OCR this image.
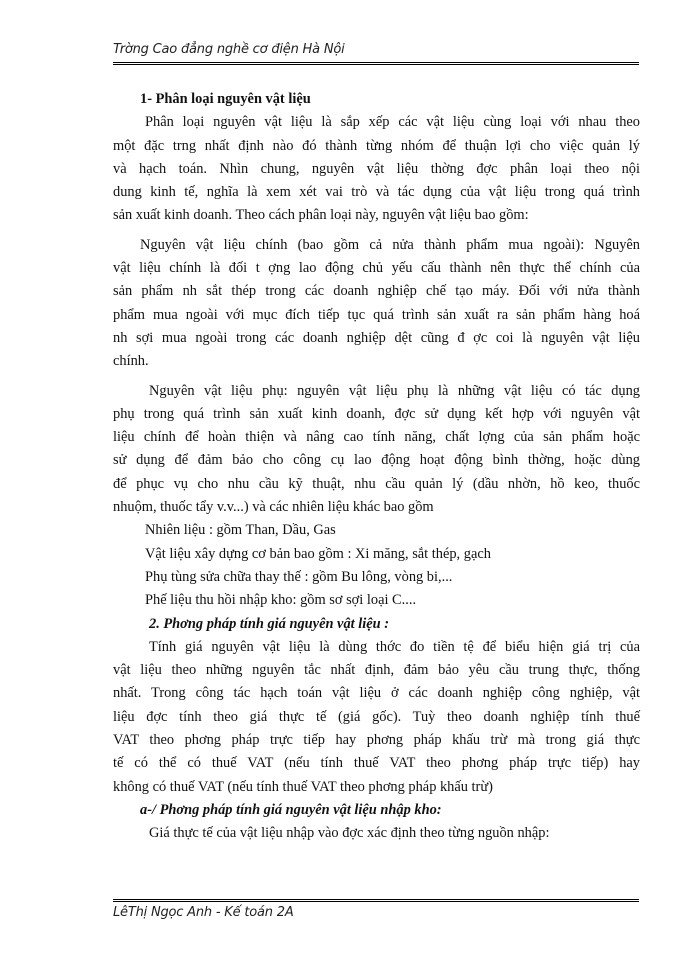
Trờng Cao đẳng nghề cơ điện Hà Nội
1- Phân loại nguyên vật liệu
Phân loại nguyên vật liệu là sắp xếp các vật liệu cùng loại với nhau theo
một đặc trng nhất định nào đó thành từng nhóm để thuận lợi cho việc quản lý
và hạch toán. Nhìn chung, nguyên vật liệu thờng đợc phân loại theo nội
dung kinh tế, nghĩa là xem xét vai trò và tác dụng của vật liệu trong quá trình
sản xuất kinh doanh. Theo cách phân loại này, nguyên vật liệu bao gồm:
Nguyên vật liệu chính (bao gồm cả nửa thành phẩm mua ngoài): Nguyên
vật liệu chính là đối t ợng lao động chủ yếu cấu thành nên thực thể chính của
sản phẩm nh sắt thép trong các doanh nghiệp chế tạo máy. Đối với nửa thành
phẩm mua ngoài với mục đích tiếp tục quá trình sản xuất ra sản phẩm hàng hoá
nh sợi mua ngoài trong các doanh nghiệp dệt cũng đ ợc coi là nguyên vật liệu
chính.
Nguyên vật liệu phụ: nguyên vật liệu phụ là những vật liệu có tác dụng
phụ trong quá trình sản xuất kinh doanh, đợc sử dụng kết hợp với nguyên vật
liệu chính để hoàn thiện và nâng cao tính năng, chất lợng của sản phẩm hoặc
sử dụng để đảm bảo cho công cụ lao động hoạt động bình thờng, hoặc dùng
để phục vụ cho nhu cầu kỹ thuật, nhu cầu quản lý (dầu nhờn, hồ keo, thuốc
nhuộm, thuốc tẩy v.v...) và các nhiên liệu khác bao gồm
Nhiên liệu : gồm Than, Dầu, Gas
Vật liệu xây dựng cơ bản bao gồm : Xi măng, sắt thép, gạch
Phụ tùng sửa chữa thay thế : gồm Bu lông, vòng bi,...
Phế liệu thu hồi nhập kho: gồm sơ sợi loại C....
2. Phơng pháp tính giá nguyên vật liệu :
Tính giá nguyên vật liệu là dùng thớc đo tiền tệ để biểu hiện giá trị của
vật liệu theo những nguyên tắc nhất định, đảm bảo yêu cầu trung thực, thống
nhất. Trong công tác hạch toán vật liệu ở các doanh nghiệp công nghiệp, vật
liệu đợc tính theo giá thực tế (giá gốc). Tuỳ theo doanh nghiệp tính thuế
VAT theo phơng pháp trực tiếp hay phơng pháp khấu trừ mà trong giá thực
tế có thể có thuế VAT (nếu tính thuế VAT theo phơng pháp trực tiếp) hay
không có thuế VAT (nếu tính thuế VAT theo phơng pháp khấu trừ)
a-/ Phơng pháp tính giá nguyên vật liệu nhập kho:
Giá thực tế của vật liệu nhập vào đợc xác định theo từng nguồn nhập:
LêThị Ngọc Anh - Kế toán 2A
